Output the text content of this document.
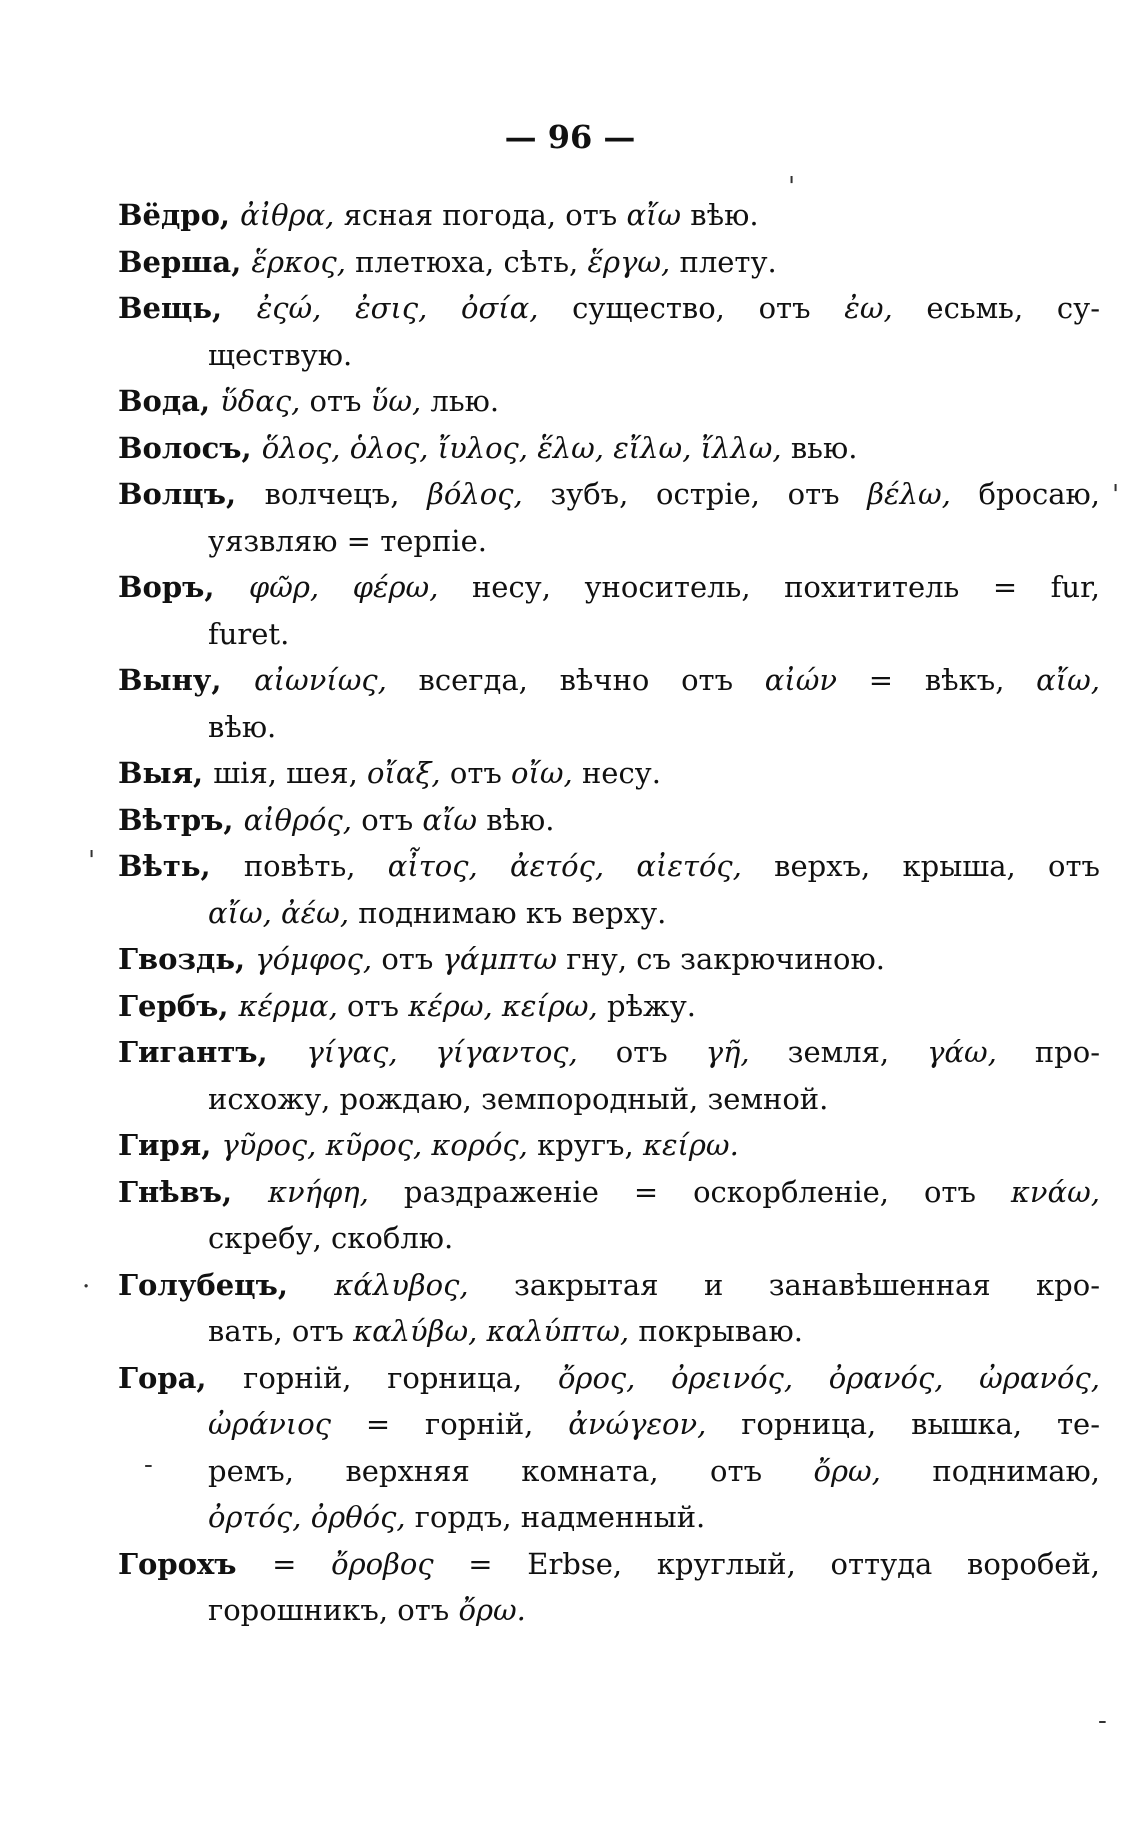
— 96 —
Вёдро, ἀἰθρα, ясная погода, отъ αἴω вѣю.
Верша, ἕρκος, плетюха, сѣть, ἕργω, плету.
Вещь, ἐςώ, ἐσις, ὀσία, существо, отъ ἐω, есьмь, су-
ществую.
Вода, ὕδας, отъ ὕω, лью.
Волосъ, ὅλος, ὁλος, ἴυλος, ἕλω, εἴλω, ἴλλω, вью.
Волцъ, волчецъ, βόλος, зубъ, остріе, отъ βέλω, бросаю,
уязвляю = терпіе.
Воръ, φῶρ, φέρω, несу, уноситель, похититель = fur,
furet.
Выну, αἰωνίως, всегда, вѣчно отъ αἰών = вѣкъ, αἴω,
вѣю.
Выя, шія, шея, οἴαξ, отъ οἴω, несу.
Вѣтръ, αἰθρός, отъ αἴω вѣю.
Вѣть, повѣть, αἶτος, ἀετός, αἰετός, верхъ, крыша, отъ
αἴω, ἀέω, поднимаю къ верху.
Гвоздь, γόμφος, отъ γάμπτω гну, съ закрючиною.
Гербъ, κέρμα, отъ κέρω, κείρω, рѣжу.
Гигантъ, γίγας, γίγαντος, отъ γῆ, земля, γάω, про-
исхожу, рождаю, земпородный, земной.
Гиря, γῦρος, κῦρος, κορός, кругъ, κείρω.
Гнѣвъ, κνήφη, раздраженіе = оскорбленіе, отъ κνάω,
скребу, скоблю.
Голубецъ, κάλυβος, закрытая и занавѣшенная кро-
вать, отъ καλύβω, καλύπτω, покрываю.
Гора, горній, горница, ὄρος, ὀρεινός, ὀρανός, ὠρανός,
ὠράνιος = горній, ἀνώγεον, горница, вышка, те-
ремъ, верхняя комната, отъ ὄρω, поднимаю,
ὀρτός, ὀρθός, гордъ, надменный.
Горохъ = ὄροβος = Erbse, круглый, оттуда воробей,
горошникъ, отъ ὄρω.
'
'
'
·
-
-
